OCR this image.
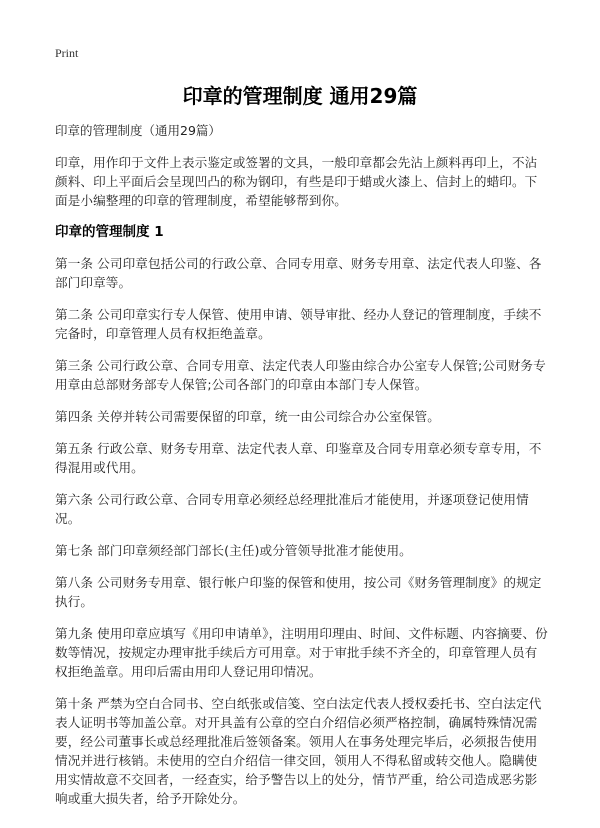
Print
印章的管理制度 通用29篇

印章的管理制度（通用29篇）

印章，用作印于文件上表示鉴定或签署的文具，一般印章都会先沾上颜料再印上，不沾颜料、印上平面后会呈现凹凸的称为钢印，有些是印于蜡或火漆上、信封上的蜡印。下面是小编整理的印章的管理制度，希望能够帮到你。

印章的管理制度 1

第一条 公司印章包括公司的行政公章、合同专用章、财务专用章、法定代表人印鉴、各部门印章等。

第二条 公司印章实行专人保管、使用申请、领导审批、经办人登记的管理制度，手续不完备时，印章管理人员有权拒绝盖章。

第三条 公司行政公章、合同专用章、法定代表人印鉴由综合办公室专人保管;公司财务专用章由总部财务部专人保管;公司各部门的印章由本部门专人保管。

第四条 关停并转公司需要保留的印章，统一由公司综合办公室保管。

第五条 行政公章、财务专用章、法定代表人章、印鉴章及合同专用章必须专章专用，不得混用或代用。

第六条 公司行政公章、合同专用章必须经总经理批准后才能使用，并逐项登记使用情况。

第七条 部门印章须经部门部长(主任)或分管领导批准才能使用。

第八条 公司财务专用章、银行帐户印鉴的保管和使用，按公司《财务管理制度》的规定执行。

第九条 使用印章应填写《用印申请单》，注明用印理由、时间、文件标题、内容摘要、份数等情况，按规定办理审批手续后方可用章。对于审批手续不齐全的，印章管理人员有权拒绝盖章。用印后需由用印人登记用印情况。

第十条 严禁为空白合同书、空白纸张或信笺、空白法定代表人授权委托书、空白法定代表人证明书等加盖公章。对开具盖有公章的空白介绍信必须严格控制，确属特殊情况需要，经公司董事长或总经理批准后签领备案。领用人在事务处理完毕后，必须报告使用情况并进行核销。未使用的空白介绍信一律交回，领用人不得私留或转交他人。隐瞒使用实情故意不交回者，一经查实，给予警告以上的处分，情节严重，给公司造成恶劣影响或重大损失者，给予开除处分。
